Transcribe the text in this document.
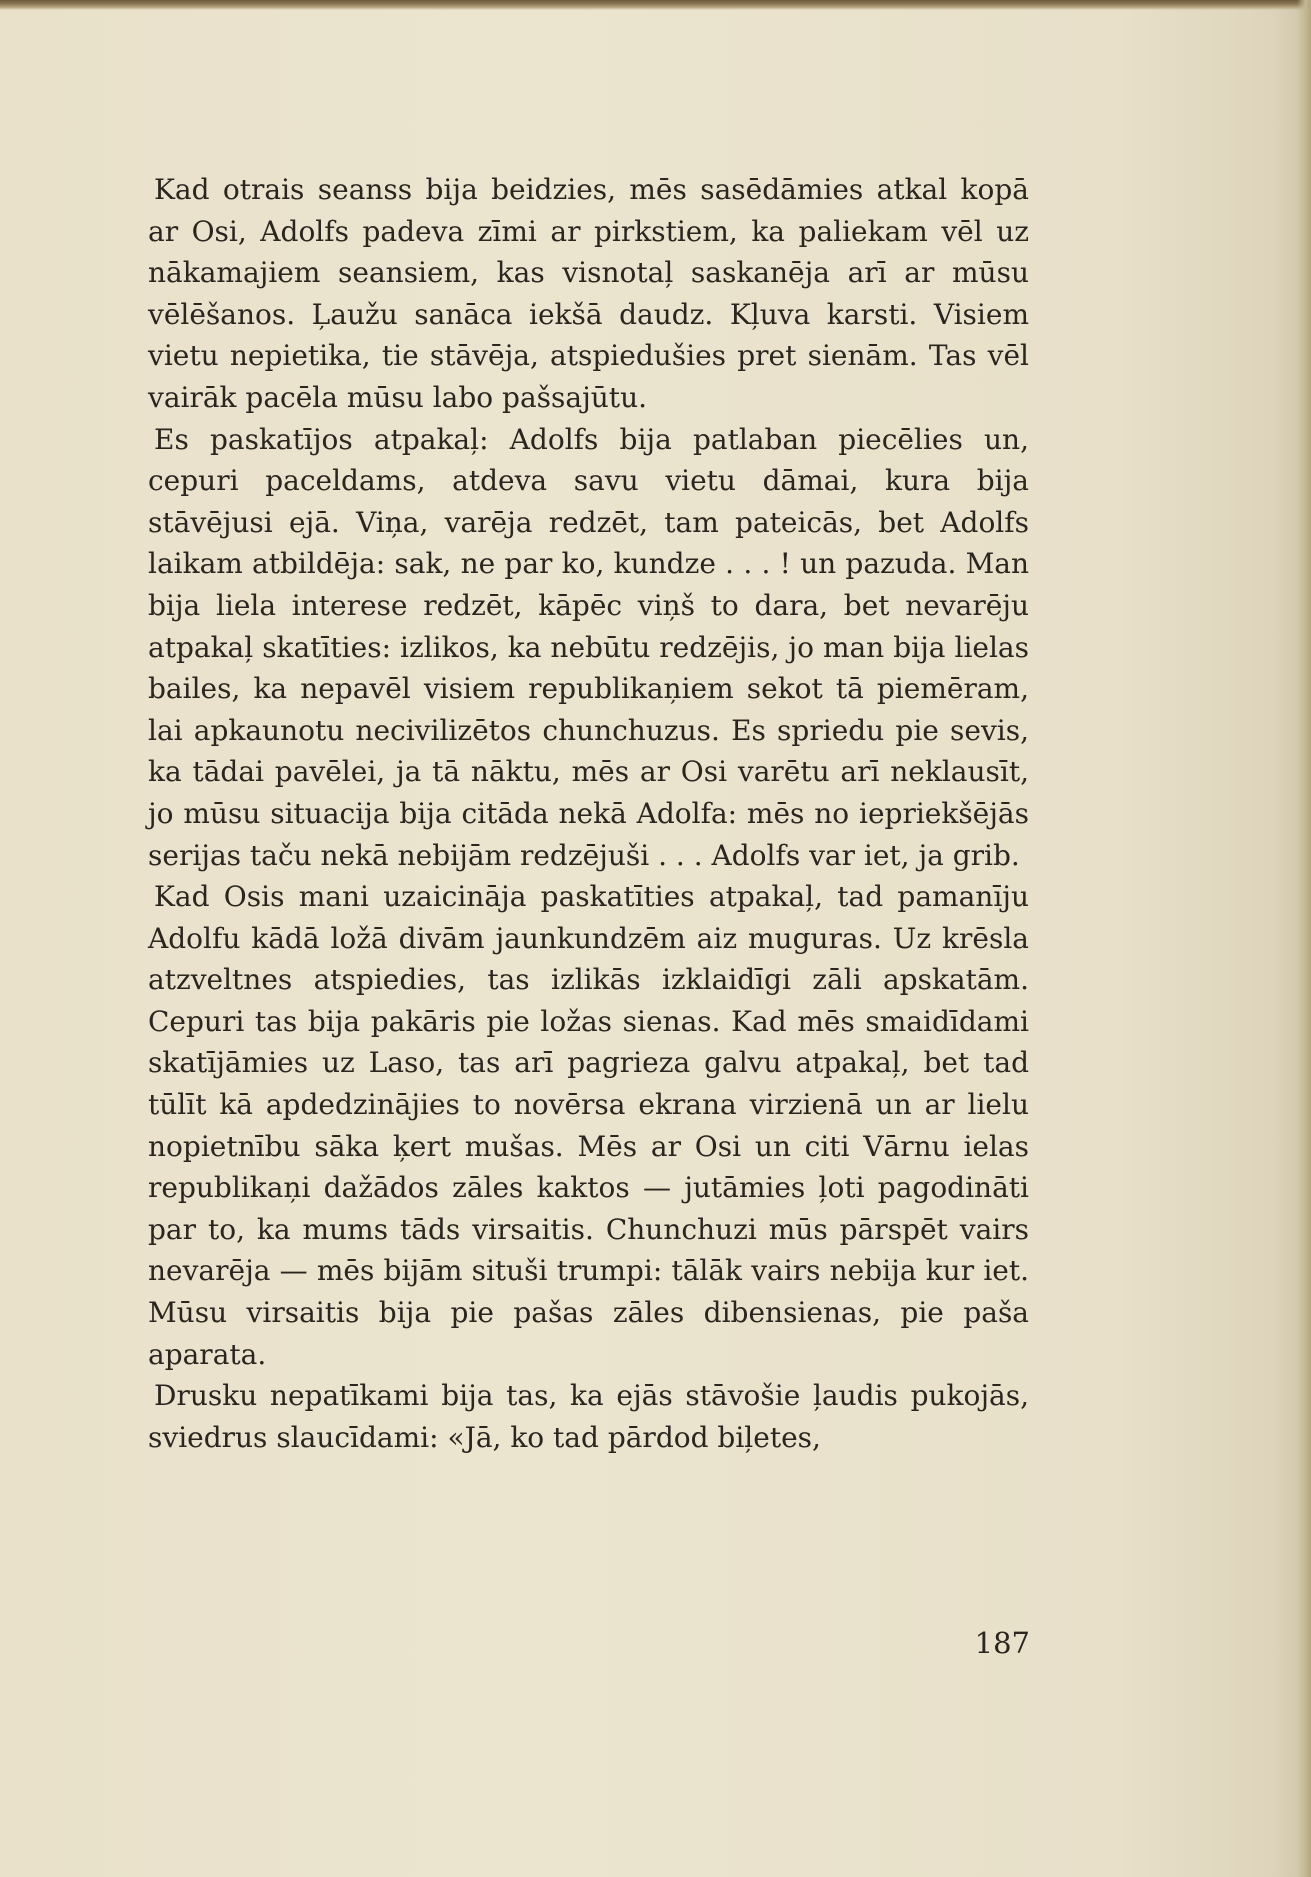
Kad otrais seanss bija beidzies, mēs sasēdāmies atkal kopā ar Osi, Adolfs padeva zīmi ar pirkstiem, ka paliekam vēl uz nākamajiem seansiem, kas visnotaļ saskanēja arī ar mūsu vēlēšanos. Ļaužu sanāca iekšā daudz. Kļuva karsti. Visiem vietu nepietika, tie stāvēja, atspiedušies pret sienām. Tas vēl vairāk pacēla mūsu labo pašsajūtu.

Es paskatījos atpakaļ: Adolfs bija patlaban piecēlies un, cepuri paceldams, atdeva savu vietu dāmai, kura bija stāvējusi ejā. Viņa, varēja redzēt, tam pateicās, bet Adolfs laikam atbildēja: sak, ne par ko, kundze . . . ! un pazuda. Man bija liela interese redzēt, kāpēc viņš to dara, bet nevarēju atpakaļ skatīties: izlikos, ka nebūtu redzējis, jo man bija lielas bailes, ka nepavēl visiem republikaņiem sekot tā piemēram, lai apkaunotu necivilizētos chunchuzus. Es spriedu pie sevis, ka tādai pavēlei, ja tā nāktu, mēs ar Osi varētu arī neklausīt, jo mūsu situacija bija citāda nekā Adolfa: mēs no iepriekšējās serijas taču nekā nebijām redzējuši . . . Adolfs var iet, ja grib.

Kad Osis mani uzaicināja paskatīties atpakaļ, tad pamanīju Adolfu kādā ložā divām jaunkundzēm aiz muguras. Uz krēsla atzveltnes atspiedies, tas izlikās izklaidīgi zāli apskatām. Cepuri tas bija pakāris pie ložas sienas. Kad mēs smaidīdami skatījāmies uz Laso, tas arī pagrieza galvu atpakaļ, bet tad tūlīt kā apdedzinājies to novērsa ekrana virzienā un ar lielu nopietnību sāka ķert mušas. Mēs ar Osi un citi Vārnu ielas republikaņi dažādos zāles kaktos — jutāmies ļoti pagodināti par to, ka mums tāds virsaitis. Chunchuzi mūs pārspēt vairs nevarēja — mēs bijām situši trumpi: tālāk vairs nebija kur iet. Mūsu virsaitis bija pie pašas zāles dibensienas, pie paša aparata.

Drusku nepatīkami bija tas, ka ejās stāvošie ļaudis pukojās, sviedrus slaucīdami: «Jā, ko tad pārdod biļetes,

187
